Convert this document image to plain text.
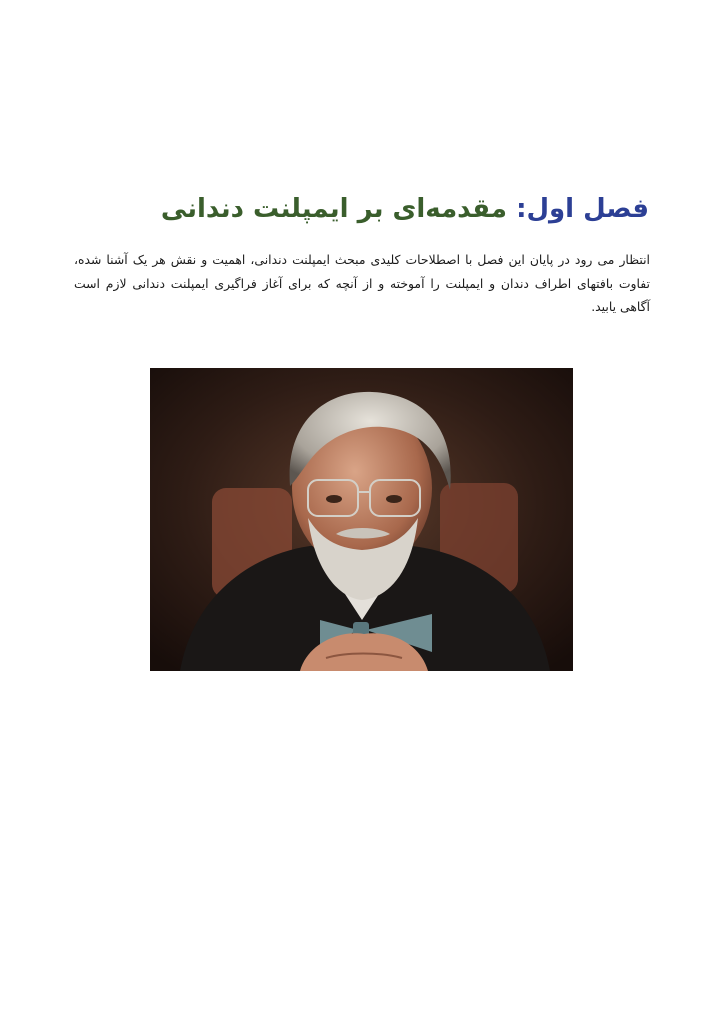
فصل اول: مقدمه‌ای بر ایمپلنت دندانی

انتظار می رود در پایان این فصل با اصطلاحات کلیدی مبحث ایمپلنت دندانی، اهمیت و نقش هر یک آشنا شده، تفاوت بافتهای اطراف دندان و ایمپلنت را آموخته و از آنچه که برای آغاز فراگیری ایمپلنت دندانی لازم است آگاهی یابید.
